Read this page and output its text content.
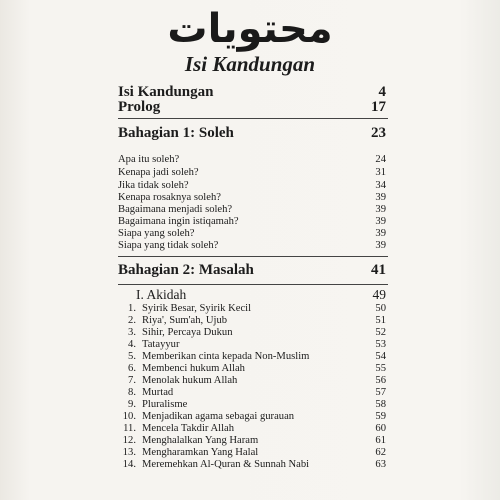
محتويات
Isi Kandungan
Isi Kandungan	4
Prolog	17
Bahagian 1: Soleh	23
Apa itu soleh?	24
Kenapa jadi soleh?	31
Jika tidak soleh?	34
Kenapa rosaknya soleh?	39
Bagaimana menjadi soleh?	39
Bagaimana ingin istiqamah?	39
Siapa yang soleh?	39
Siapa yang tidak soleh?	39
Bahagian 2: Masalah	41
I. Akidah	49
1. Syirik Besar, Syirik Kecil	50
2. Riya', Sum'ah, Ujub	51
3. Sihir, Percaya Dukun	52
4. Tatayyur	53
5. Memberikan cinta kepada Non-Muslim	54
6. Membenci hukum Allah	55
7. Menolak hukum Allah	56
8. Murtad	57
9. Pluralisme	58
10. Menjadikan agama sebagai gurauan	59
11. Mencela Takdir Allah	60
12. Menghalalkan Yang Haram	61
13. Mengharamkan Yang Halal	62
14. Meremehkan Al-Quran & Sunnah Nabi	63
